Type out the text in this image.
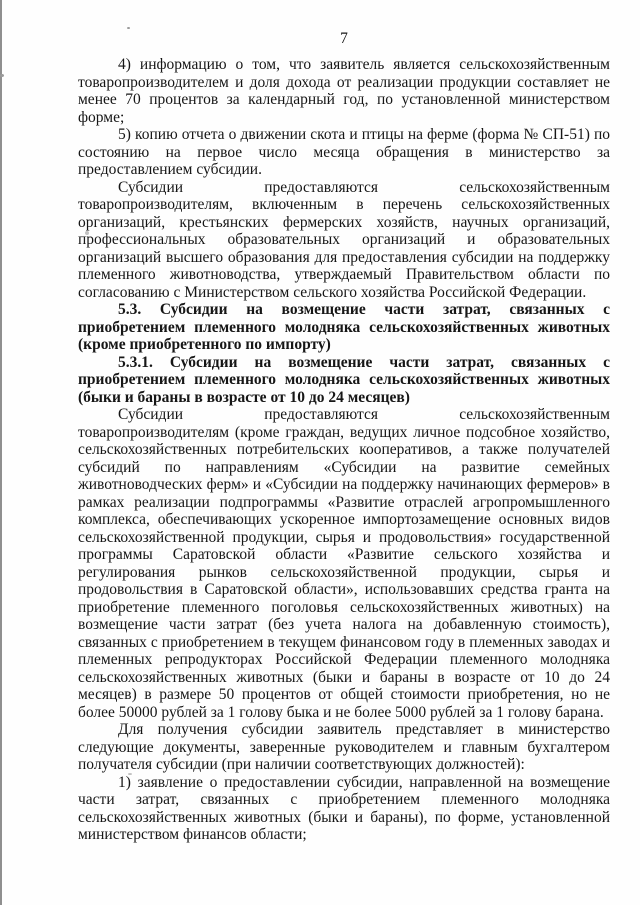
7

4) информацию о том, что заявитель является сельскохозяйственным товаропроизводителем и доля дохода от реализации продукции составляет не менее 70 процентов за календарный год, по установленной министерством форме;

5) копию отчета о движении скота и птицы на ферме (форма № СП-51) по состоянию на первое число месяца обращения в министерство за предоставлением субсидии.

Субсидии предоставляются сельскохозяйственным товаропроизводителям, включенным в перечень сельскохозяйственных организаций, крестьянских фермерских хозяйств, научных организаций, профессиональных образовательных организаций и образовательных организаций высшего образования для предоставления субсидии на поддержку племенного животноводства, утверждаемый Правительством области по согласованию с Министерством сельского хозяйства Российской Федерации.

5.3. Субсидии на возмещение части затрат, связанных с приобретением племенного молодняка сельскохозяйственных животных (кроме приобретенного по импорту)

5.3.1. Субсидии на возмещение части затрат, связанных с приобретением племенного молодняка сельскохозяйственных животных (быки и бараны в возрасте от 10 до 24 месяцев)

Субсидии предоставляются сельскохозяйственным товаропроизводителям (кроме граждан, ведущих личное подсобное хозяйство, сельскохозяйственных потребительских кооперативов, а также получателей субсидий по направлениям «Субсидии на развитие семейных животноводческих ферм» и «Субсидии на поддержку начинающих фермеров» в рамках реализации подпрограммы «Развитие отраслей агропромышленного комплекса, обеспечивающих ускоренное импортозамещение основных видов сельскохозяйственной продукции, сырья и продовольствия» государственной программы Саратовской области «Развитие сельского хозяйства и регулирования рынков сельскохозяйственной продукции, сырья и продовольствия в Саратовской области», использовавших средства гранта на приобретение племенного поголовья сельскохозяйственных животных) на возмещение части затрат (без учета налога на добавленную стоимость), связанных с приобретением в текущем финансовом году в племенных заводах и племенных репродукторах Российской Федерации племенного молодняка сельскохозяйственных животных (быки и бараны в возрасте от 10 до 24 месяцев) в размере 50 процентов от общей стоимости приобретения, но не более 50000 рублей за 1 голову быка и не более 5000 рублей за 1 голову барана.

Для получения субсидии заявитель представляет в министерство следующие документы, заверенные руководителем и главным бухгалтером получателя субсидии (при наличии соответствующих должностей):

1) заявление о предоставлении субсидии, направленной на возмещение части затрат, связанных с приобретением племенного молодняка сельскохозяйственных животных (быки и бараны), по форме, установленной министерством финансов области;
